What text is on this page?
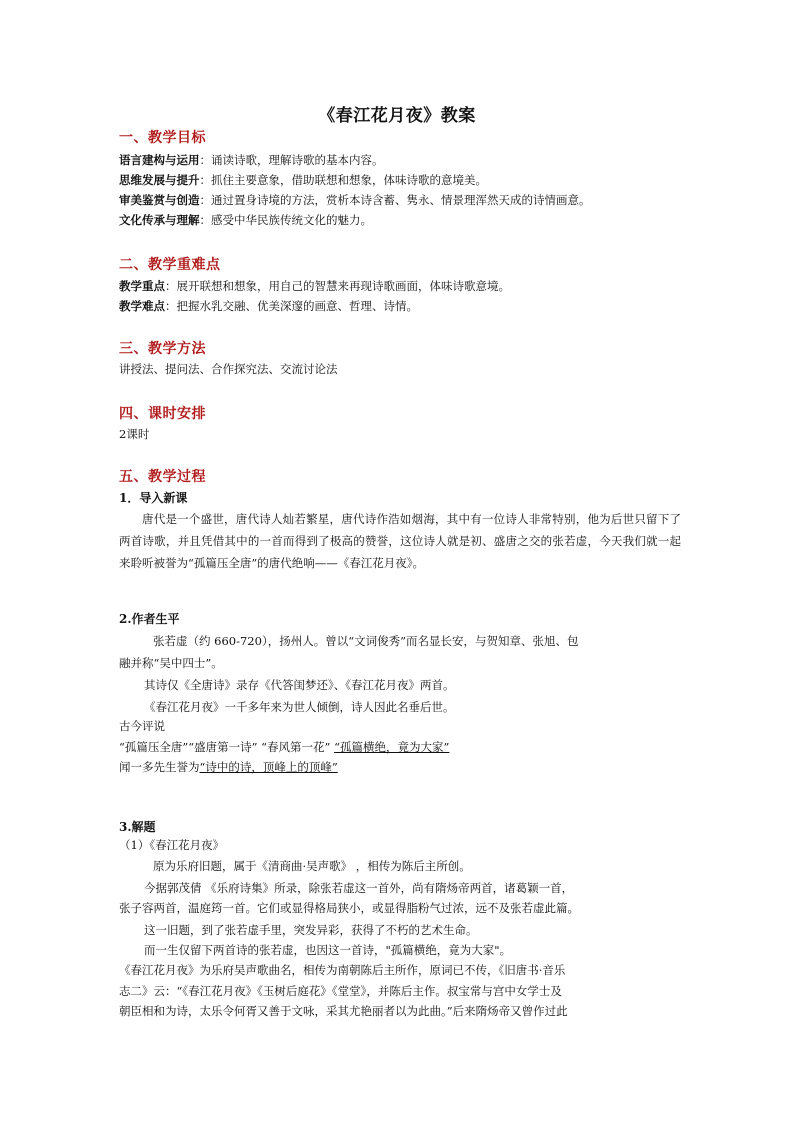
《春江花月夜》教案
一、教学目标
语言建构与运用：诵读诗歌，理解诗歌的基本内容。
思维发展与提升：抓住主要意象，借助联想和想象，体味诗歌的意境美。
审美鉴赏与创造：通过置身诗境的方法，赏析本诗含蓄、隽永、情景理浑然天成的诗情画意。
文化传承与理解：感受中华民族传统文化的魅力。
二、教学重难点
教学重点：展开联想和想象，用自己的智慧来再现诗歌画面，体味诗歌意境。
教学难点：把握水乳交融、优美深邃的画意、哲理、诗情。
三、教学方法
讲授法、提问法、合作探究法、交流讨论法
四、课时安排
2课时
五、教学过程
1．导入新课

唐代是一个盛世，唐代诗人灿若繁星，唐代诗作浩如烟海，其中有一位诗人非常特别，他为后世只留下了两首诗歌，并且凭借其中的一首而得到了极高的赞誉，这位诗人就是初、盛唐之交的张若虚，今天我们就一起来聆听被誉为“孤篇压全唐”的唐代绝响——《春江花月夜》。

2.作者生平
张若虚（约 660-720），扬州人。曾以“文词俊秀”而名显长安，与贺知章、张旭、包
融并称“吴中四士”。
其诗仅《全唐诗》录存《代答闺梦还》、《春江花月夜》两首。
《春江花月夜》一千多年来为世人倾倒，诗人因此名垂后世。
古今评说
“孤篇压全唐”“盛唐第一诗” “春风第一花” “孤篇横绝，竟为大家”
闻一多先生誉为“诗中的诗，顶峰上的顶峰”
3.解题
（1）《春江花月夜》
原为乐府旧题，属于《清商曲·吴声歌》 ，相传为陈后主所创。
今据郭茂倩 《乐府诗集》所录，除张若虚这一首外，尚有隋炀帝两首，诸葛颖一首，
张子容两首，温庭筠一首。它们或显得格局狭小，或显得脂粉气过浓，远不及张若虚此篇。
这一旧题，到了张若虚手里，突发异彩，获得了不朽的艺术生命。
而一生仅留下两首诗的张若虚，也因这一首诗，"孤篇横绝，竟为大家"。
《春江花月夜》为乐府吴声歌曲名，相传为南朝陈后主所作，原词已不传，《旧唐书·音乐
志二》云：“《春江花月夜》《玉树后庭花》《堂堂》，并陈后主作。叔宝常与宫中女学士及
朝臣相和为诗，太乐令何胥又善于文咏，采其尤艳丽者以为此曲。”后来隋炀帝又曾作过此
